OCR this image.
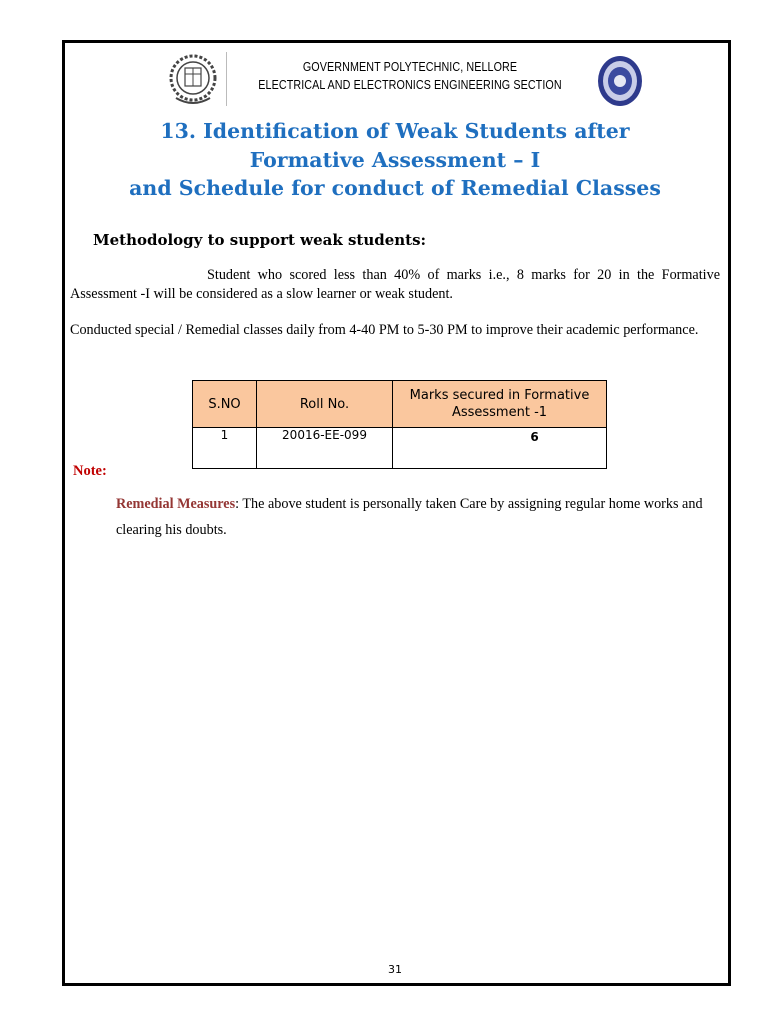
GOVERNMENT POLYTECHNIC, NELLORE
ELECTRICAL AND ELECTRONICS ENGINEERING SECTION
13. Identification of Weak Students after
Formative Assessment – I
and Schedule for conduct of Remedial Classes
Methodology to support weak students:
Student who scored less than 40% of marks i.e., 8 marks for 20 in the Formative Assessment -I will be considered as a slow learner or weak student.
Conducted special / Remedial classes daily from 4-40 PM to 5-30 PM to improve their academic performance.
S.NO	Roll No.	Marks secured in Formative Assessment -1
1	20016-EE-099	6
Note:
Remedial Measures: The above student is personally taken Care by assigning regular home works and clearing his doubts.
31
